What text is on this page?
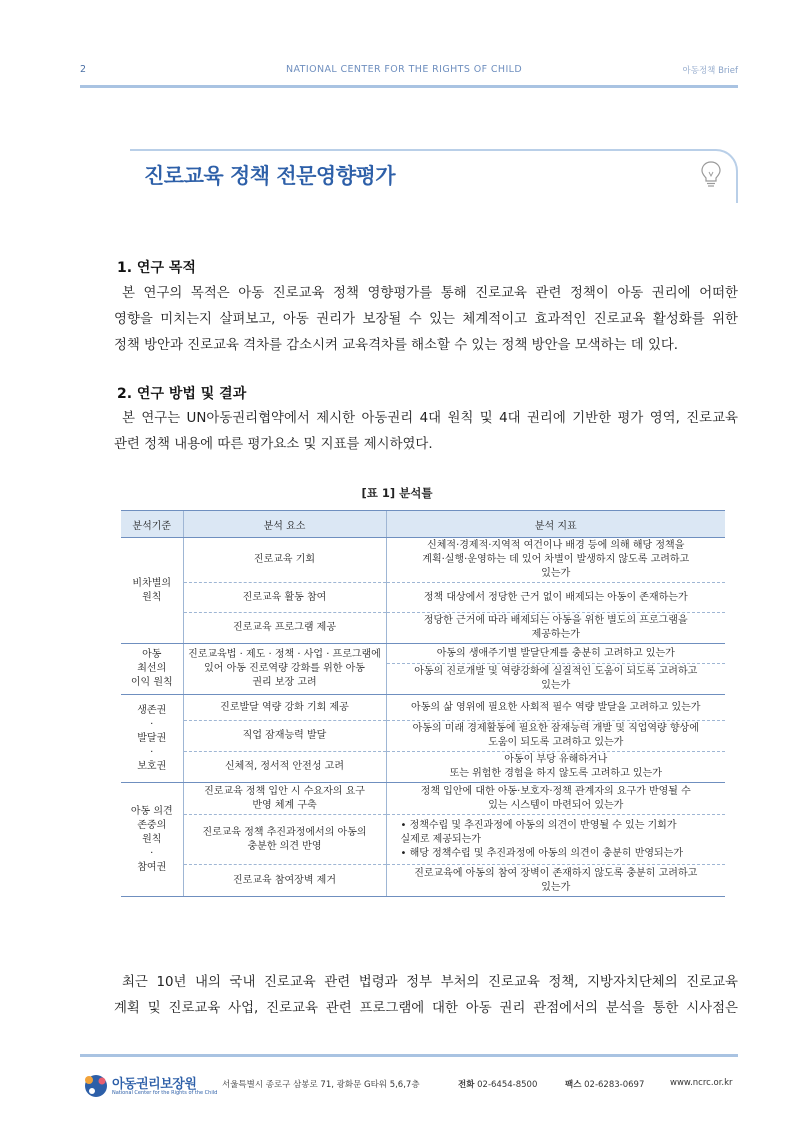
2	NATIONAL CENTER FOR THE RIGHTS OF CHILD	아동정책 Brief
진로교육 정책 전문영향평가
1. 연구 목적
본 연구의 목적은 아동 진로교육 정책 영향평가를 통해 진로교육 관련 정책이 아동 권리에 어떠한
영향을 미치는지 살펴보고, 아동 권리가 보장될 수 있는 체계적이고 효과적인 진로교육 활성화를 위한
정책 방안과 진로교육 격차를 감소시켜 교육격차를 해소할 수 있는 정책 방안을 모색하는 데 있다.
2. 연구 방법 및 결과
본 연구는 UN아동권리협약에서 제시한 아동권리 4대 원칙 및 4대 권리에 기반한 평가 영역, 진로교육
관련 정책 내용에 따른 평가요소 및 지표를 제시하였다.
[표 1] 분석틀
분석기준	분석 요소	분석 지표
비차별의
원칙	진로교육 기회	신체적·경제적·지역적 여건이나 배경 등에 의해 해당 정책을
계획·실행·운영하는 데 있어 차별이 발생하지 않도록 고려하고
있는가
	진로교육 활동 참여	정책 대상에서 정당한 근거 없이 배제되는 아동이 존재하는가
	진로교육 프로그램 제공	정당한 근거에 따라 배제되는 아동을 위한 별도의 프로그램을
제공하는가
아동
최선의
이익 원칙	진로교육법 · 제도 · 정책 · 사업 · 프로그램에
있어 아동 진로역량 강화를 위한 아동
권리 보장 고려	아동의 생애주기별 발달단계를 충분히 고려하고 있는가
		아동의 진로개발 및 역량강화에 실질적인 도움이 되도록 고려하고
있는가
생존권
·
발달권
·
보호권	진로발달 역량 강화 기회 제공	아동의 삶 영위에 필요한 사회적 필수 역량 발달을 고려하고 있는가
	직업 잠재능력 발달	아동의 미래 경제활동에 필요한 잠재능력 개발 및 직업역량 향상에
도움이 되도록 고려하고 있는가
	신체적, 정서적 안전성 고려	아동이 부당 유해하거나
또는 위험한 경험을 하지 않도록 고려하고 있는가
아동 의견
존중의
원칙
·
참여권	진로교육 정책 입안 시 수요자의 요구
반영 체계 구축	정책 입안에 대한 아동·보호자·정책 관계자의 요구가 반영될 수
있는 시스템이 마련되어 있는가
	진로교육 정책 추진과정에서의 아동의
충분한 의견 반영	• 정책수립 및 추진과정에 아동의 의견이 반영될 수 있는 기회가
실제로 제공되는가
• 해당 정책수립 및 추진과정에 아동의 의견이 충분히 반영되는가
	진로교육 참여장벽 제거	진로교육에 아동의 참여 장벽이 존재하지 않도록 충분히 고려하고
있는가
최근 10년 내의 국내 진로교육 관련 법령과 정부 부처의 진로교육 정책, 지방자치단체의 진로교육
계획 및 진로교육 사업, 진로교육 관련 프로그램에 대한 아동 권리 관점에서의 분석을 통한 시사점은
아동권리보장원
National Center for the Rights of the Child
서울특별시 종로구 삼봉로 71, 광화문 G타워 5,6,7층	전화 02-6454-8500	팩스 02-6283-0697	www.ncrc.or.kr
